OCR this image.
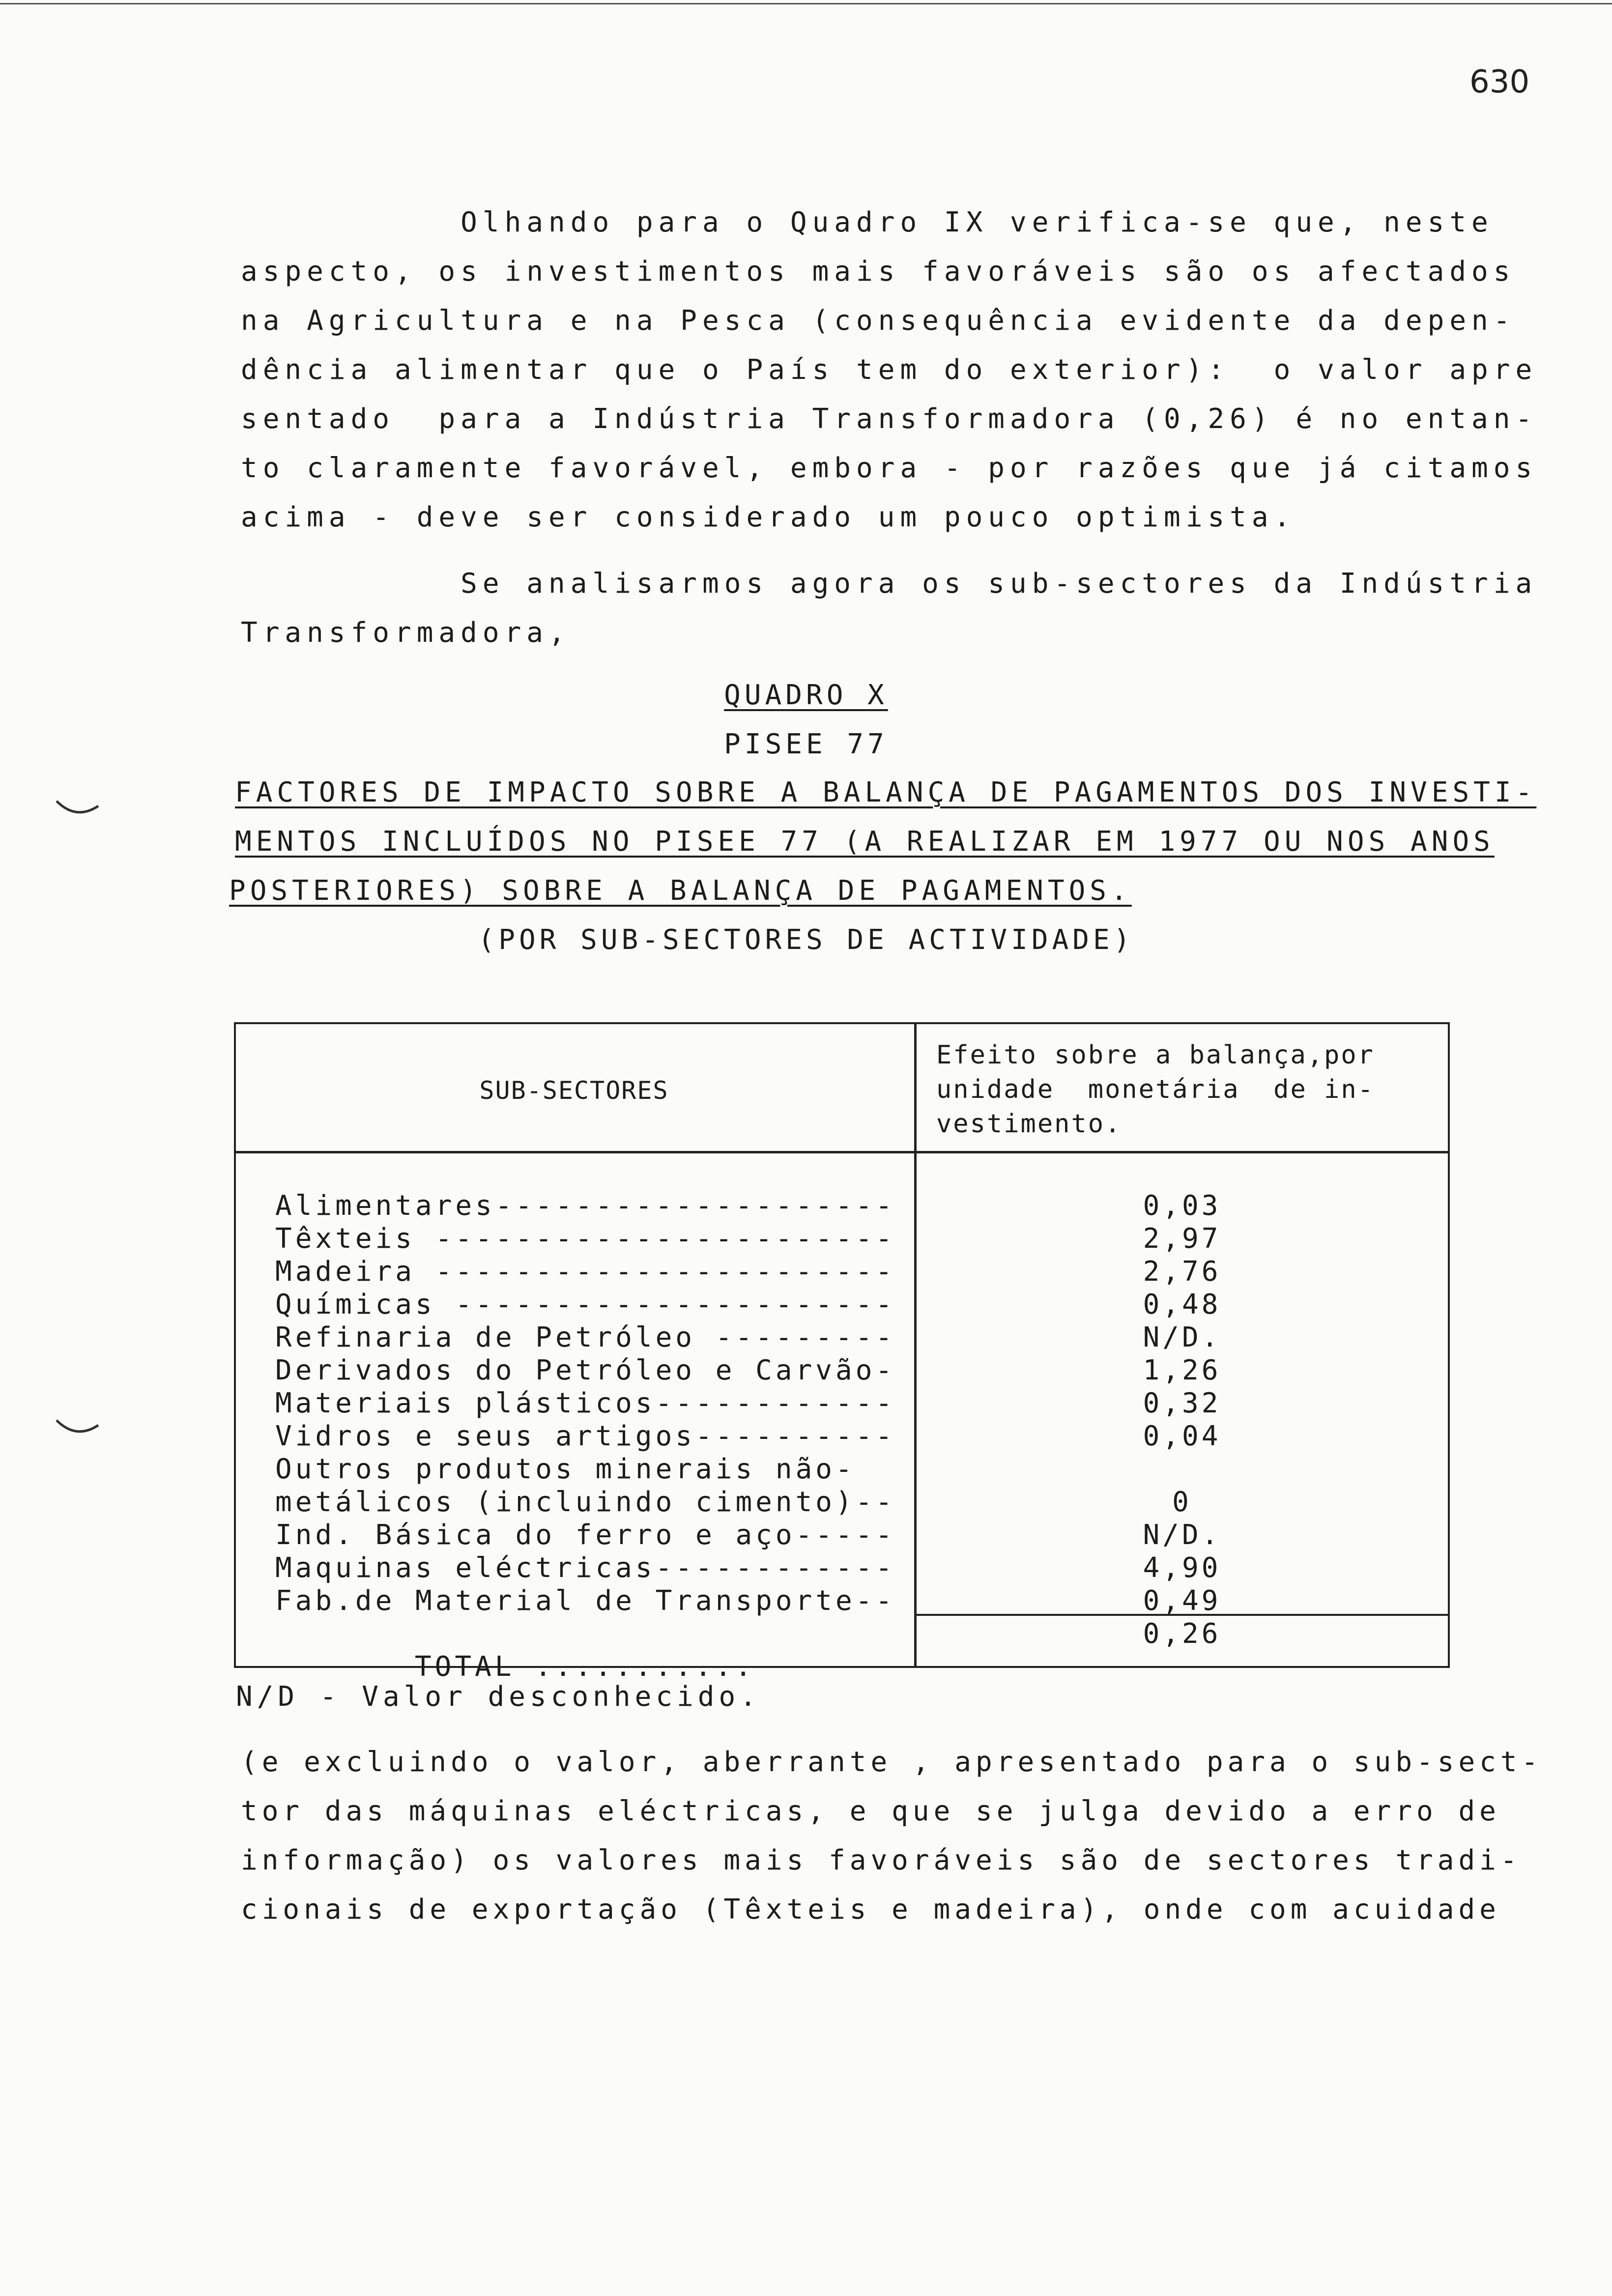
630
Olhando para o Quadro IX verifica-se que, neste
aspecto, os investimentos mais favoráveis são os afectados
na Agricultura e na Pesca (consequência evidente da depen-
dência alimentar que o País tem do exterior):  o valor apre
sentado  para a Indústria Transformadora (0,26) é no entan-
to claramente favorável, embora - por razões que já citamos
acima - deve ser considerado um pouco optimista.
Se analisarmos agora os sub-sectores da Indústria
Transformadora,
QUADRO X
PISEE 77
FACTORES DE IMPACTO SOBRE A BALANÇA DE PAGAMENTOS DOS INVESTI-
MENTOS INCLUÍDOS NO PISEE 77 (A REALIZAR EM 1977 OU NOS ANOS
POSTERIORES) SOBRE A BALANÇA DE PAGAMENTOS.
(POR SUB-SECTORES DE ACTIVIDADE)
SUB-SECTORES
Efeito sobre a balança,por
unidade  monetária  de in-
vestimento.
Alimentares--------------------
Têxteis -----------------------
Madeira -----------------------
Químicas ----------------------
Refinaria de Petróleo ---------
Derivados do Petróleo e Carvão-
Materiais plásticos------------
Vidros e seus artigos----------
Outros produtos minerais não-
metálicos (incluindo cimento)--
Ind. Básica do ferro e aço-----
Maquinas eléctricas------------
Fab.de Material de Transporte--

TOTAL ...........

0,03
2,97
2,76
0,48
N/D.
1,26
0,32
0,04
0
N/D.
4,90
0,49
0,26
N/D - Valor desconhecido.
(e excluindo o valor, aberrante , apresentado para o sub-sect-
tor das máquinas eléctricas, e que se julga devido a erro de
informação) os valores mais favoráveis são de sectores tradi-
cionais de exportação (Têxteis e madeira), onde com acuidade
